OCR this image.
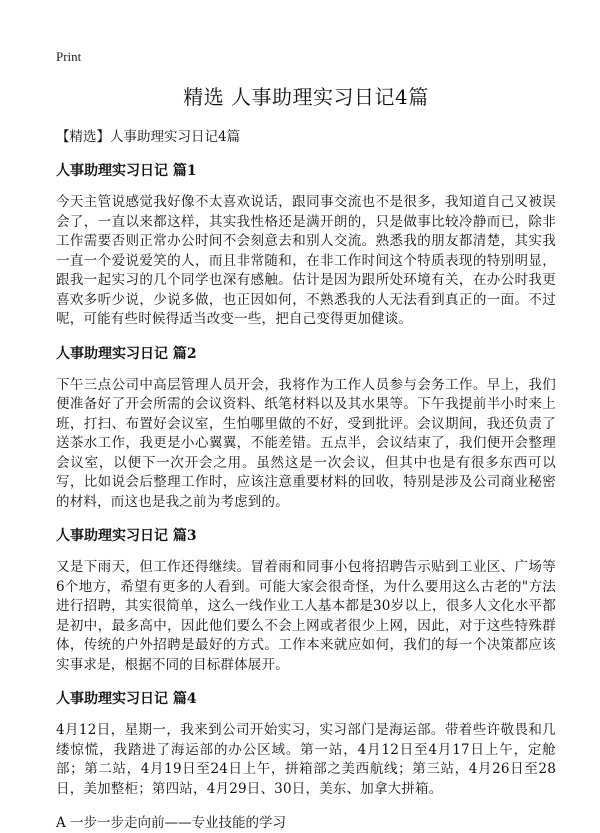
Print
精选 人事助理实习日记4篇

【精选】人事助理实习日记4篇

人事助理实习日记 篇1

今天主管说感觉我好像不太喜欢说话，跟同事交流也不是很多，我知道自己又被误会了，一直以来都这样，其实我性格还是满开朗的，只是做事比较冷静而已，除非工作需要否则正常办公时间不会刻意去和别人交流。熟悉我的朋友都清楚，其实我一直一个爱说爱笑的人，而且非常随和，在非工作时间这个特质表现的特别明显，跟我一起实习的几个同学也深有感触。估计是因为跟所处环境有关，在办公时我更喜欢多听少说，少说多做，也正因如何，不熟悉我的人无法看到真正的一面。不过呢，可能有些时候得适当改变一些，把自己变得更加健谈。

人事助理实习日记 篇2

下午三点公司中高层管理人员开会，我将作为工作人员参与会务工作。早上，我们便准备好了开会所需的会议资料、纸笔材料以及其水果等。下午我提前半小时来上班，打扫、布置好会议室，生怕哪里做的不好，受到批评。会议期间，我还负责了送茶水工作，我更是小心翼翼，不能差错。五点半，会议结束了，我们便开会整理会议室，以便下一次开会之用。虽然这是一次会议，但其中也是有很多东西可以写，比如说会后整理工作时，应该注意重要材料的回收，特别是涉及公司商业秘密的材料，而这也是我之前为考虑到的。

人事助理实习日记 篇3

又是下雨天，但工作还得继续。冒着雨和同事小包将招聘告示贴到工业区、广场等6个地方，希望有更多的人看到。可能大家会很奇怪，为什么要用这么古老的"方法进行招聘，其实很简单，这么一线作业工人基本都是30岁以上，很多人文化水平都是初中，最多高中，因此他们要么不会上网或者很少上网，因此，对于这些特殊群体，传统的户外招聘是最好的方式。工作本来就应如何，我们的每一个决策都应该实事求是，根据不同的目标群体展开。

人事助理实习日记 篇4

4月12日，星期一，我来到公司开始实习，实习部门是海运部。带着些许敬畏和几缕惊慌，我踏进了海运部的办公区域。第一站，4月12日至4月17日上午，定舱部；第二站，4月19日至24日上午，拼箱部之美西航线；第三站，4月26日至28日，美加整柜；第四站，4月29日、30日，美东、加拿大拼箱。

A 一步一步走向前——专业技能的学习
